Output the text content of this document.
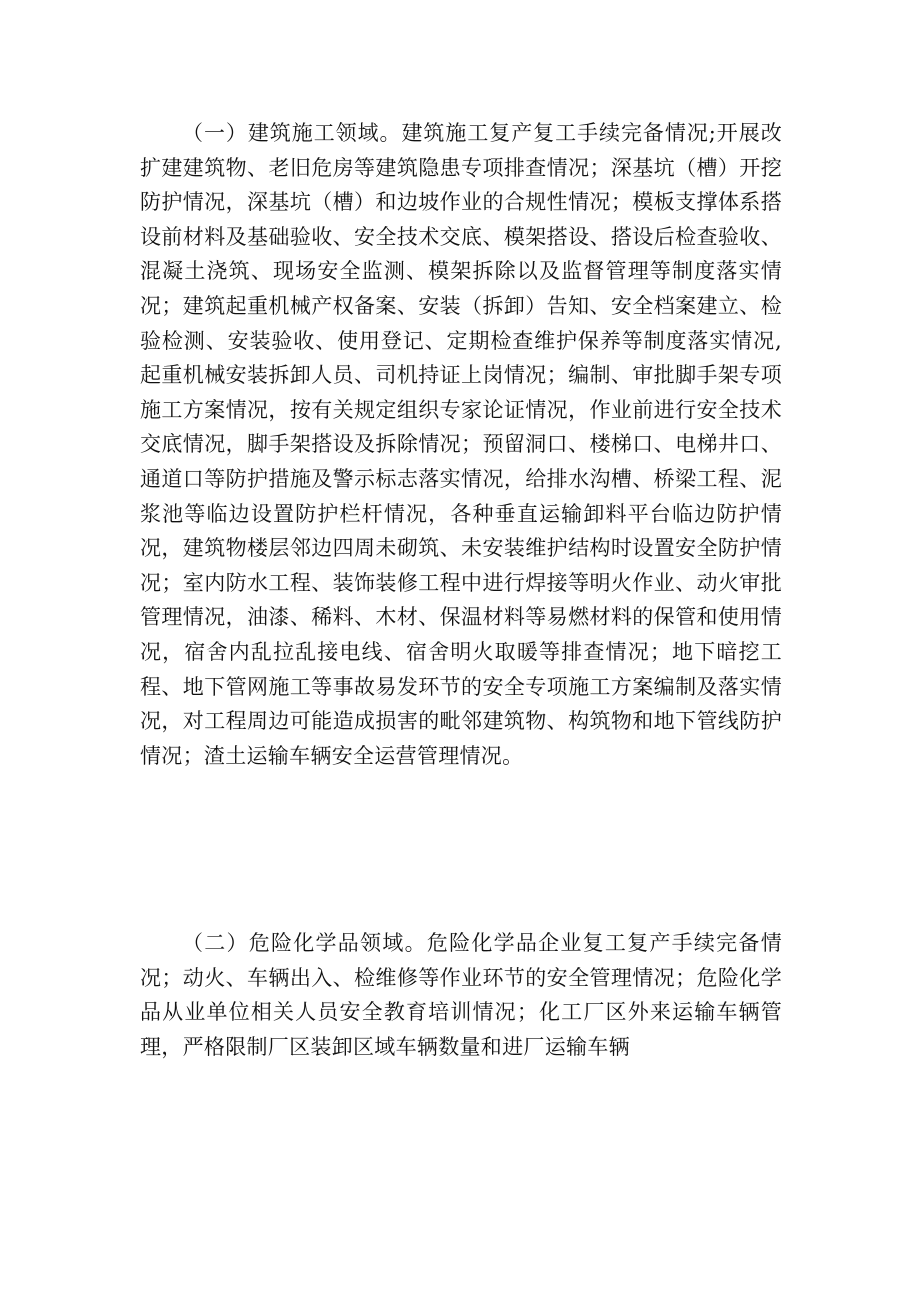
（一）建筑施工领域。建筑施工复产复工手续完备情况;开展改扩建建筑物、老旧危房等建筑隐患专项排查情况；深基坑（槽）开挖防护情况，深基坑（槽）和边坡作业的合规性情况；模板支撑体系搭设前材料及基础验收、安全技术交底、模架搭设、搭设后检查验收、混凝土浇筑、现场安全监测、模架拆除以及监督管理等制度落实情况；建筑起重机械产权备案、安装（拆卸）告知、安全档案建立、检验检测、安装验收、使用登记、定期检查维护保养等制度落实情况,起重机械安装拆卸人员、司机持证上岗情况；编制、审批脚手架专项施工方案情况，按有关规定组织专家论证情况，作业前进行安全技术交底情况，脚手架搭设及拆除情况；预留洞口、楼梯口、电梯井口、通道口等防护措施及警示标志落实情况，给排水沟槽、桥梁工程、泥浆池等临边设置防护栏杆情况，各种垂直运输卸料平台临边防护情况，建筑物楼层邻边四周未砌筑、未安装维护结构时设置安全防护情况；室内防水工程、装饰装修工程中进行焊接等明火作业、动火审批管理情况，油漆、稀料、木材、保温材料等易燃材料的保管和使用情况，宿舍内乱拉乱接电线、宿舍明火取暖等排查情况；地下暗挖工程、地下管网施工等事故易发环节的安全专项施工方案编制及落实情况，对工程周边可能造成损害的毗邻建筑物、构筑物和地下管线防护情况；渣土运输车辆安全运营管理情况。

（二）危险化学品领域。危险化学品企业复工复产手续完备情况；动火、车辆出入、检维修等作业环节的安全管理情况；危险化学品从业单位相关人员安全教育培训情况；化工厂区外来运输车辆管理，严格限制厂区装卸区域车辆数量和进厂运输车辆
